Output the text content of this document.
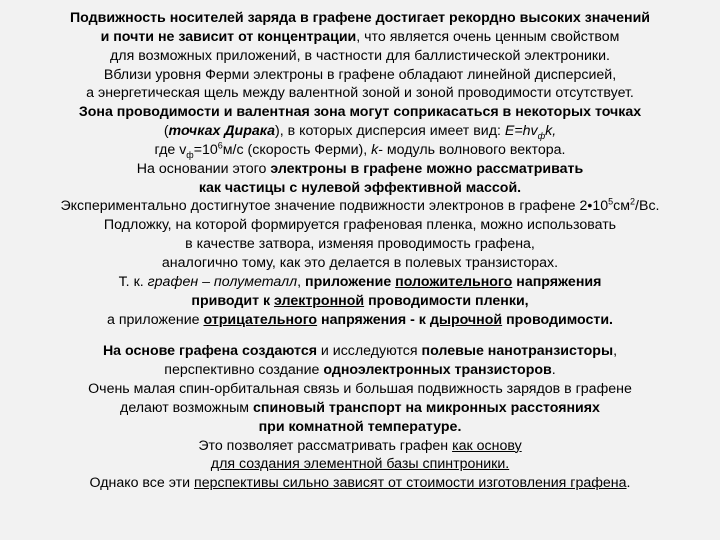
Подвижность носителей заряда в графене достигает рекордно высоких значений
и почти не зависит от концентрации, что является очень ценным свойством
для возможных приложений, в частности для баллистической электроники.
Вблизи уровня Ферми электроны в графене обладают линейной дисперсией,
а энергетическая щель между валентной зоной и зоной проводимости отсутствует.
Зона проводимости и валентная зона могут соприкасаться в некоторых точках
(точках Дирака), в которых дисперсия имеет вид: $E=hv_фk$,
где $v_ф=10^6м/с$ (скорость Ферми), k- модуль волнового вектора.
На основании этого электроны в графене можно рассматривать
как частицы с нулевой эффективной массой.
Экспериментально достигнутое значение подвижности электронов в графене $2•10^5см^2/Вс$.
Подложку, на которой формируется графеновая пленка, можно использовать
в качестве затвора, изменяя проводимость графена,
аналогично тому, как это делается в полевых транзисторах.
Т. к. графен – полуметалл, приложение положительного напряжения
приводит к электронной проводимости пленки,
а приложение отрицательного напряжения - к дырочной проводимости.
На основе графена создаются и исследуются полевые нанотранзисторы,
перспективно создание одноэлектронных транзисторов.
Очень малая спин-орбитальная связь и большая подвижность зарядов в графене
делают возможным спиновый транспорт на микронных расстояниях
при комнатной температуре.
Это позволяет рассматривать графен как основу
для создания элементной базы спинтроники.
Однако все эти перспективы сильно зависят от стоимости изготовления графена.
